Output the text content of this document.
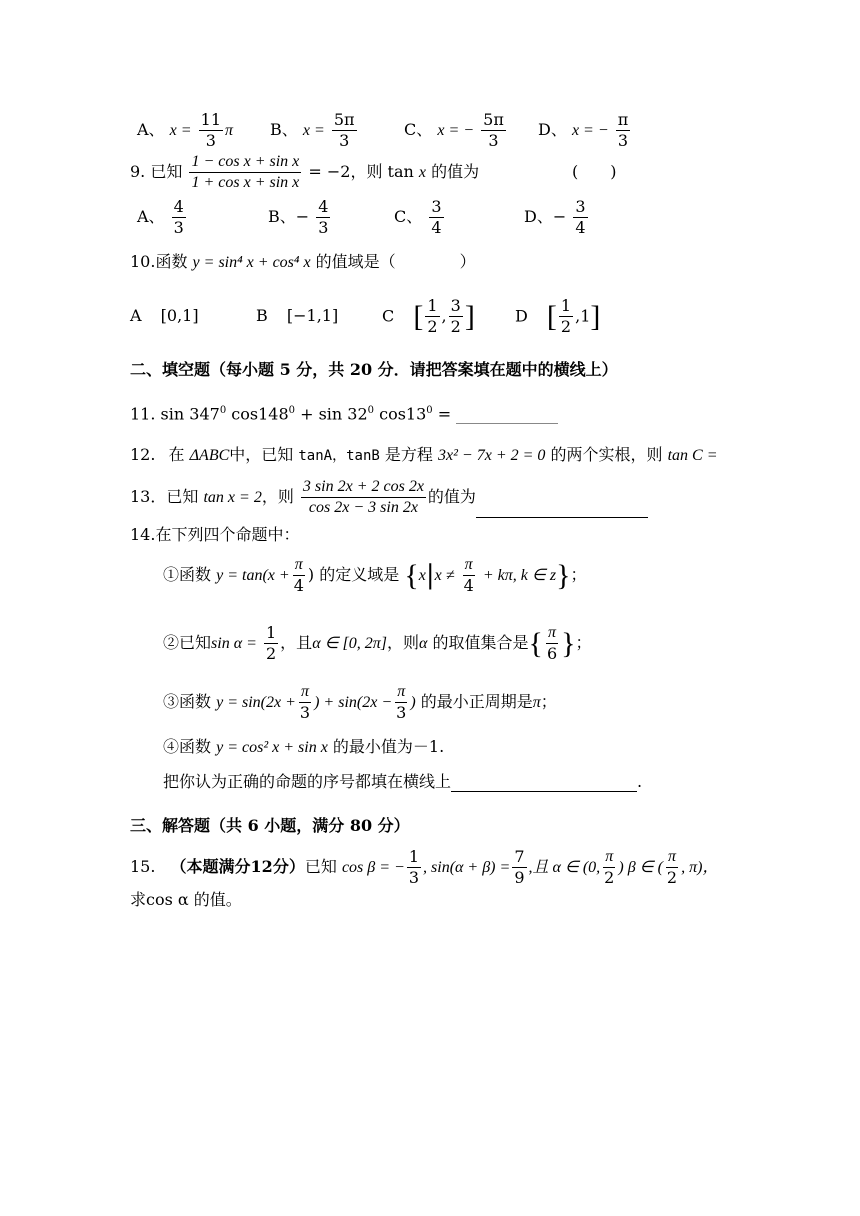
A、 $x = \frac{11}{3}$ π B、 $x = \frac{5\pi}{3}$	C、 x = − $\frac{5\pi}{3}$ D、 x = − $\frac{\pi}{3}$
9. 已知 $\frac{\text{1 − cos x + sin x}}{\text{1 + cos x + sin x}} = -2$，则 tan x 的值为	(　　)
A、 $\frac{4}{3}$	B、− $\frac{4}{3}$	C、 $\frac{3}{4}$	D、− $\frac{3}{4}$
10.函数 y = sin⁴ x + cos⁴ x 的值域是（　　　　）
A [0,1]	B [−1,1]	C [ $\frac{1}{2}$ , $\frac{3}{2}$ ]	D [ $\frac{1}{2} ,1$]
二、填空题（每小题 5 分，共 20 分．请把答案填在题中的横线上）
11. $\sin 347^0$ $\cos 148^0 + \sin 32^0$ $\cos 13^0$ =
12. 在 ΔABC中，已知 tanA，tanB 是方程 3x² − 7x + 2 = 0 的两个实根，则 tan C =
13．已知 tan x = 2，则 $\frac{3 \sin 2x + 2 \cos 2x}{\cos 2x - 3 \sin 2x}$ 的值为
14.在下列四个命题中：
①函数 $y = \tan(x + \frac{\pi}{4}$ ) 的定义域是 {$x|x \ne \frac{\pi}{4} + k\pi$, k ∈ z}；
②已知$\sin \alpha = \frac{1}{2}$ ，且α ∈ [0, 2π]，则α 的取值集合是{ $\frac{\pi}{6}$ }；
③函数 $y = \sin(2x + \frac{\pi}{3}$ ) + $\sin(2x - \frac{\pi}{3}$ ) 的最小正周期是π；
④函数 y = cos² x + sin x 的最小值为－1.
把你认为正确的命题的序号都填在横线上	.
三、解答题（共 6 小题，满分 80 分）
15. （本题满分12分）已知 cos β = − $\frac{1}{3}$ , $\sin(\alpha + \beta) = \frac{7}{9}$ ,且 α ∈ (0, $\frac{\pi}{2}$ ) β ∈ ( $\frac{\pi}{2}$ , π)，
求cos α 的值。
